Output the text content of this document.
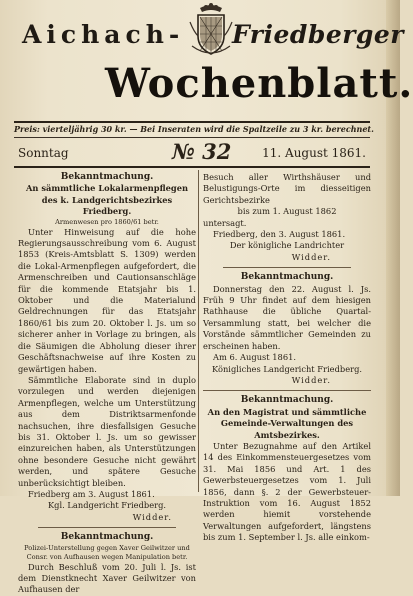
Aichach- Friedberger
Wochenblatt.
Preis: vierteljährig 30 kr. — Bei Inseraten wird die Spaltzeile zu 3 kr. berechnet.
Sonntag	№ 32	11. August 1861.

Bekanntmachung.

An sämmtliche Lokalarmenpflegen des k. Landgerichtsbezirkes Friedberg.

Armenwesen pro 1860/61 betr.

Unter Hinweisung auf die hohe Regierungsausschreibung vom 6. August 1853 (Kreis-Amtsblatt S. 1309) werden die Lokal-Armenpflegen aufgefordert, die Armenschreiben und Cautionsanschläge für die kommende Etatsjahr bis 1. Oktober und die Materialund Geldrechnungen für das Etatsjahr 1860/61 bis zum 20. Oktober l. Js. um so sicherer anher in Vorlage zu bringen, als die Säumigen die Abholung dieser ihrer Geschäftsnachweise auf ihre Kosten zu gewärtigen haben.

Sämmtliche Elaborate sind in duplo vorzulegen und werden diejenigen Armenpflegen, welche um Unterstützung aus dem Distriktsarmenfonde nachsuchen, ihre diesfallsigen Gesuche bis 31. Oktober l. Js. um so gewisser einzureichen haben, als Unterstützungen ohne besondere Gesuche nicht gewährt werden, und spätere Gesuche unberücksichtigt bleiben.

Friedberg am 3. August 1861.

Kgl. Landgericht Friedberg.

Widder.

Bekanntmachung.

Polizei-Unterstellung gegen Xaver Geilwitzer und Consr. von Aufhausen wegen Manipulation betr.

Durch Beschluß vom 20. Juli l. Js. ist dem Dienstknecht Xaver Geilwitzer von Aufhausen der

Besuch aller Wirthshäuser und Belustigungs-Orte im diesseitigen Gerichtsbezirke

bis zum 1. August 1862

untersagt.

Friedberg, den 3. August 1861.

Der königliche Landrichter

Widder.

Bekanntmachung.

Donnerstag den 22. August l. Js. Früh 9 Uhr findet auf dem hiesigen Rathhause die übliche Quartal-Versammlung statt, bei welcher die Vorstände sämmtlicher Gemeinden zu erscheinen haben.

Am 6. August 1861.

Königliches Landgericht Friedberg.

Widder.

Bekanntmachung.

An den Magistrat und sämmtliche Gemeinde-Verwaltungen des Amtsbezirkes.

Unter Bezugnahme auf den Artikel 14 des Einkommensteuergesetzes vom 31. Mai 1856 und Art. 1 des Gewerbsteuergesetzes vom 1. Juli 1856, dann §. 2 der Gewerbsteuer-Instruktion vom 16. August 1852 werden hiemit vorstehende Verwaltungen aufgefordert, längstens bis zum 1. September l. Js. alle einkom-
